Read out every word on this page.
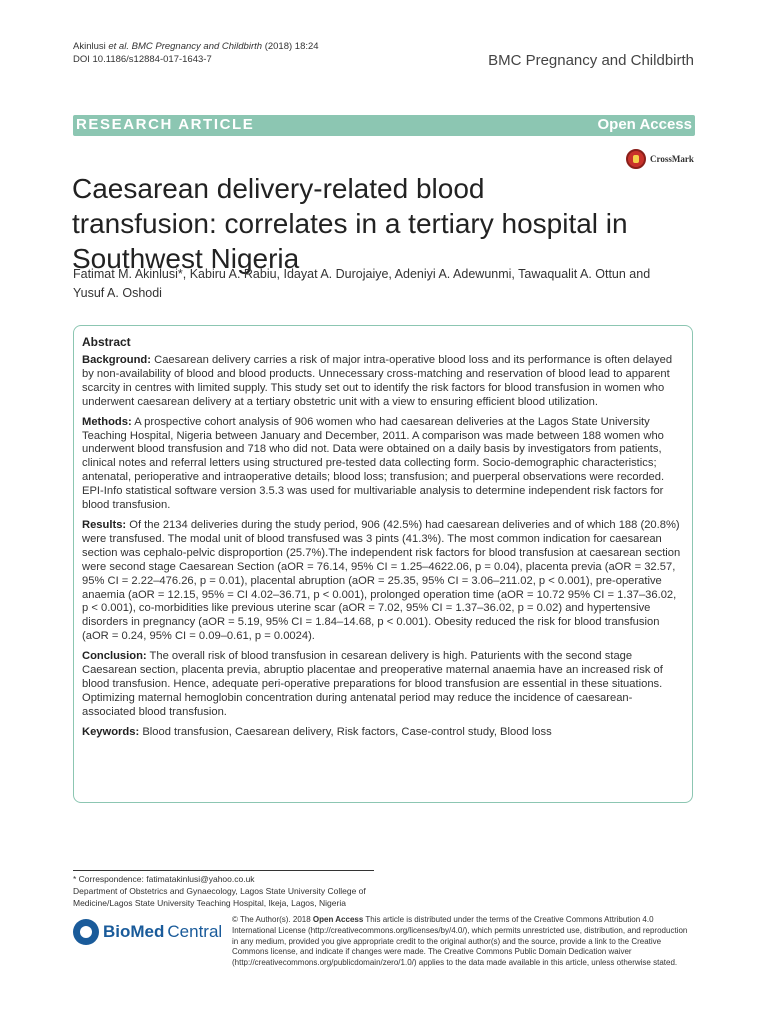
Akinlusi et al. BMC Pregnancy and Childbirth (2018) 18:24
DOI 10.1186/s12884-017-1643-7	BMC Pregnancy and Childbirth
RESEARCH ARTICLE	Open Access
CrossMark
Caesarean delivery-related blood transfusion: correlates in a tertiary hospital in Southwest Nigeria
Fatimat M. Akinlusi*, Kabiru A. Rabiu, Idayat A. Durojaiye, Adeniyi A. Adewunmi, Tawaqualit A. Ottun and Yusuf A. Oshodi
Abstract

Background: Caesarean delivery carries a risk of major intra-operative blood loss and its performance is often delayed by non-availability of blood and blood products. Unnecessary cross-matching and reservation of blood lead to apparent scarcity in centres with limited supply. This study set out to identify the risk factors for blood transfusion in women who underwent caesarean delivery at a tertiary obstetric unit with a view to ensuring efficient blood utilization.

Methods: A prospective cohort analysis of 906 women who had caesarean deliveries at the Lagos State University Teaching Hospital, Nigeria between January and December, 2011. A comparison was made between 188 women who underwent blood transfusion and 718 who did not. Data were obtained on a daily basis by investigators from patients, clinical notes and referral letters using structured pre-tested data collecting form. Socio-demographic characteristics; antenatal, perioperative and intraoperative details; blood loss; transfusion; and puerperal observations were recorded. EPI-Info statistical software version 3.5.3 was used for multivariable analysis to determine independent risk factors for blood transfusion.

Results: Of the 2134 deliveries during the study period, 906 (42.5%) had caesarean deliveries and of which 188 (20.8%) were transfused. The modal unit of blood transfused was 3 pints (41.3%). The most common indication for caesarean section was cephalo-pelvic disproportion (25.7%).The independent risk factors for blood transfusion at caesarean section were second stage Caesarean Section (aOR = 76.14, 95% CI = 1.25–4622.06, p = 0.04), placenta previa (aOR = 32.57, 95% CI = 2.22–476.26, p = 0.01), placental abruption (aOR = 25.35, 95% CI = 3.06–211.02, p < 0.001), pre-operative anaemia (aOR = 12.15, 95% = CI 4.02–36.71, p < 0.001), prolonged operation time (aOR = 10.72 95% CI = 1.37–36.02, p < 0.001), co-morbidities like previous uterine scar (aOR = 7.02, 95% CI = 1.37–36.02, p = 0.02) and hypertensive disorders in pregnancy (aOR = 5.19, 95% CI = 1.84–14.68, p < 0.001). Obesity reduced the risk for blood transfusion (aOR = 0.24, 95% CI = 0.09–0.61, p = 0.0024).

Conclusion: The overall risk of blood transfusion in cesarean delivery is high. Paturients with the second stage Caesarean section, placenta previa, abruptio placentae and preoperative maternal anaemia have an increased risk of blood transfusion. Hence, adequate peri-operative preparations for blood transfusion are essential in these situations. Optimizing maternal hemoglobin concentration during antenatal period may reduce the incidence of caesarean-associated blood transfusion.

Keywords: Blood transfusion, Caesarean delivery, Risk factors, Case-control study, Blood loss

* Correspondence: fatimatakinlusi@yahoo.co.uk
Department of Obstetrics and Gynaecology, Lagos State University College of Medicine/Lagos State University Teaching Hospital, Ikeja, Lagos, Nigeria
BioMed Central
© The Author(s). 2018 Open Access This article is distributed under the terms of the Creative Commons Attribution 4.0 International License (http://creativecommons.org/licenses/by/4.0/), which permits unrestricted use, distribution, and reproduction in any medium, provided you give appropriate credit to the original author(s) and the source, provide a link to the Creative Commons license, and indicate if changes were made. The Creative Commons Public Domain Dedication waiver (http://creativecommons.org/publicdomain/zero/1.0/) applies to the data made available in this article, unless otherwise stated.
